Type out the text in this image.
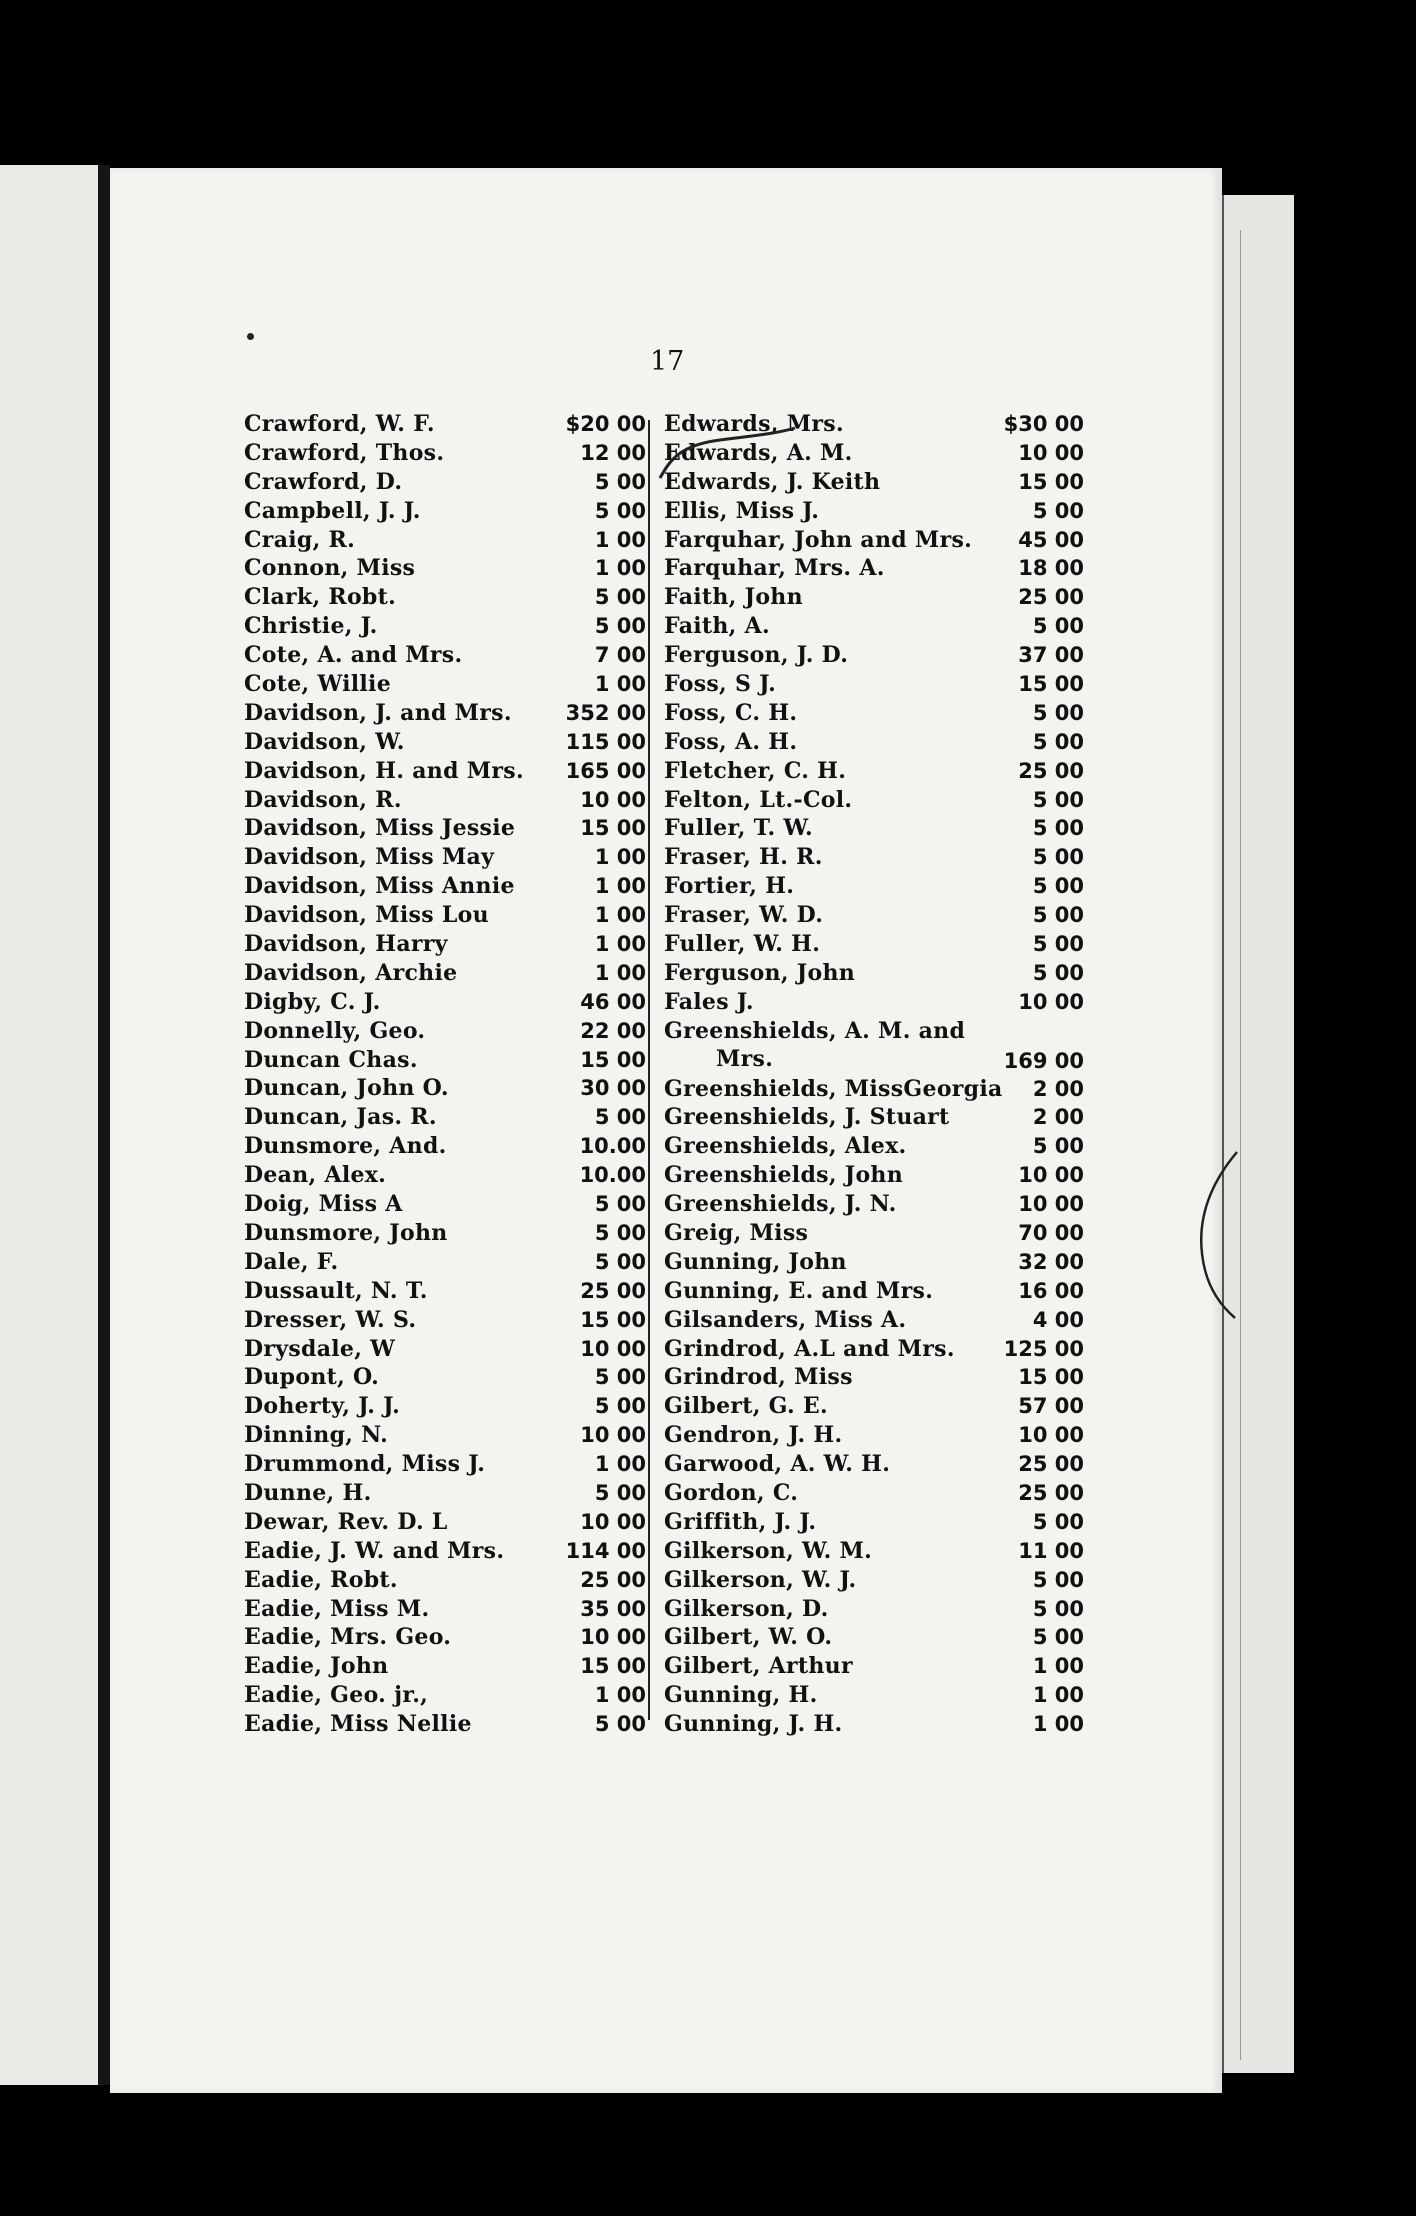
17
Crawford, W. F.	$20 00
Crawford, Thos.	12 00
Crawford, D.	5 00
Campbell, J. J.	5 00
Craig, R.	1 00
Connon, Miss	1 00
Clark, Robt.	5 00
Christie, J.	5 00
Cote, A. and Mrs.	7 00
Cote, Willie	1 00
Davidson, J. and Mrs.	352 00
Davidson, W.	115 00
Davidson, H. and Mrs. 165 00
Davidson, R.	10 00
Davidson, Miss Jessie	15 00
Davidson, Miss May	1 00
Davidson, Miss Annie	1 00
Davidson, Miss Lou	1 00
Davidson, Harry	1 00
Davidson, Archie	1 00
Digby, C. J.	46 00
Donnelly, Geo.	22 00
Duncan Chas.	15 00
Duncan, John O.	30 00
Duncan, Jas. R.	5 00
Dunsmore, And.	10.00
Dean, Alex.	10.00
Doig, Miss A	5 00
Dunsmore, John	5 00
Dale, F.	5 00
Dussault, N. T.	25 00
Dresser, W. S.	15 00
Drysdale, W	10 00
Dupont, O.	5 00
Doherty, J. J.	5 00
Dinning, N.	10 00
Drummond, Miss J.	1 00
Dunne, H.	5 00
Dewar, Rev. D. L	10 00
Eadie, J. W. and Mrs.	114 00
Eadie, Robt.	25 00
Eadie, Miss M.	35 00
Eadie, Mrs. Geo.	10 00
Eadie, John	15 00
Eadie, Geo. jr.,	1 00
Eadie, Miss Nellie	5 00
Edwards, Mrs.	$30 00
Edwards, A. M.	10 00
Edwards, J. Keith	15 00
Ellis, Miss J.	5 00
Farquhar, John and Mrs. 45 00
Farquhar, Mrs. A.	18 00
Faith, John	25 00
Faith, A.	5 00
Ferguson, J. D.	37 00
Foss, S J.	15 00
Foss, C. H.	5 00
Foss, A. H.	5 00
Fletcher, C. H.	25 00
Felton, Lt.-Col.	5 00
Fuller, T. W.	5 00
Fraser, H. R.	5 00
Fortier, H.	5 00
Fraser, W. D.	5 00
Fuller, W. H.	5 00
Ferguson, John	5 00
Fales J.	10 00
Greenshields, A. M. and
Mrs.	169 00
Greenshields, MissGeorgia 2 00
Greenshields, J. Stuart	2 00
Greenshields, Alex.	5 00
Greenshields, John	10 00
Greenshields, J. N.	10 00
Greig, Miss	70 00
Gunning, John	32 00
Gunning, E. and Mrs.	16 00
Gilsanders, Miss A.	4 00
Grindrod, A.L and Mrs. 125 00
Grindrod, Miss	15 00
Gilbert, G. E.	57 00
Gendron, J. H.	10 00
Garwood, A. W. H.	25 00
Gordon, C.	25 00
Griffith, J. J.	5 00
Gilkerson, W. M.	11 00
Gilkerson, W. J.	5 00
Gilkerson, D.	5 00
Gilbert, W. O.	5 00
Gilbert, Arthur	1 00
Gunning, H.	1 00
Gunning, J. H.	1 00
